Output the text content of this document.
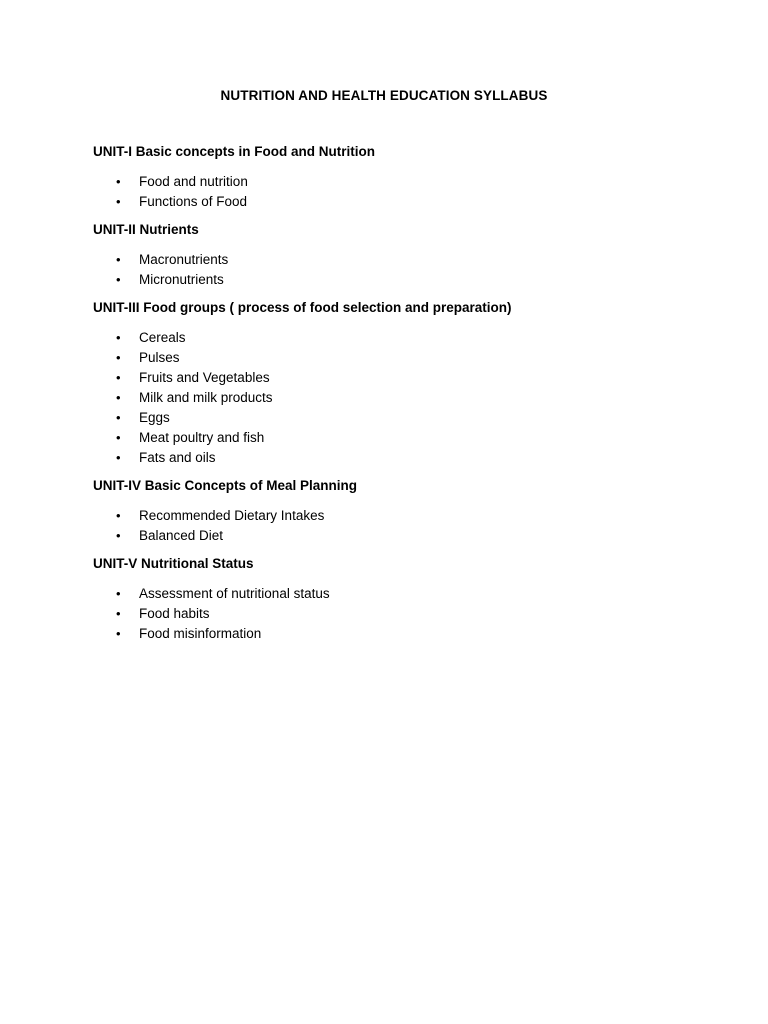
NUTRITION AND HEALTH EDUCATION SYLLABUS
UNIT-I Basic concepts in Food and Nutrition
• Food and nutrition
• Functions of Food
UNIT-II Nutrients
• Macronutrients
• Micronutrients
UNIT-III Food groups ( process of food selection and preparation)
• Cereals
• Pulses
• Fruits and Vegetables
• Milk and milk products
• Eggs
• Meat poultry and fish
• Fats and oils
UNIT-IV Basic Concepts of Meal Planning
• Recommended Dietary Intakes
• Balanced Diet
UNIT-V Nutritional Status
• Assessment of nutritional status
• Food habits
• Food misinformation
